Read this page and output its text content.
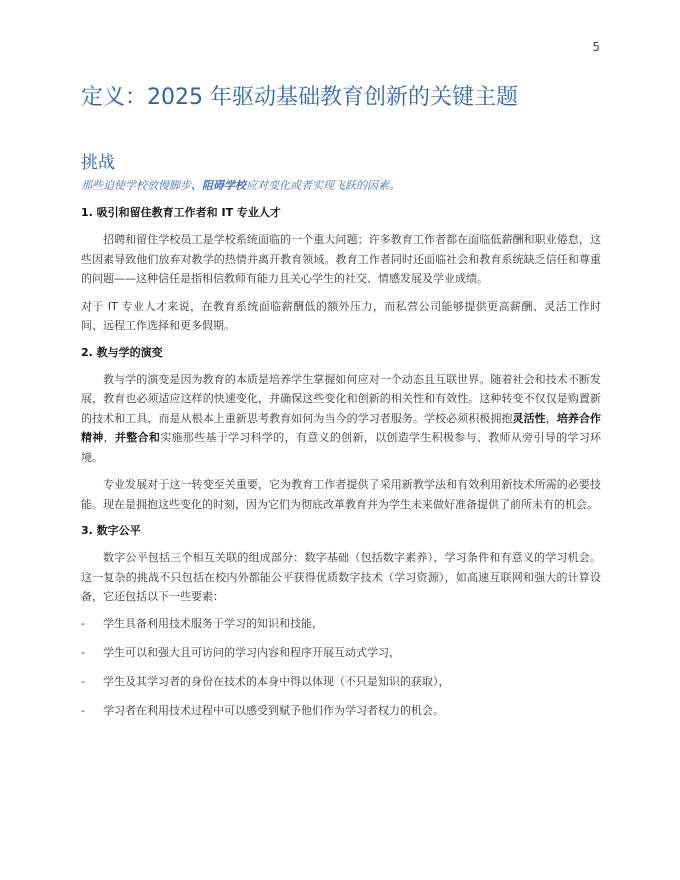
5
定义：2025 年驱动基础教育创新的关键主题
挑战

那些迫使学校放慢脚步、阻碍学校应对变化或者实现飞跃的因素。

1. 吸引和留住教育工作者和 IT 专业人才

招聘和留住学校员工是学校系统面临的一个重大问题；许多教育工作者都在面临低薪酬和职业倦怠，这些因素导致他们放弃对教学的热情并离开教育领域。教育工作者同时还面临社会和教育系统缺乏信任和尊重的问题——这种信任是指相信教师有能力且关心学生的社交、情感发展及学业成绩。

对于 IT 专业人才来说，在教育系统面临薪酬低的额外压力，而私营公司能够提供更高薪酬、灵活工作时间、远程工作选择和更多假期。

2. 教与学的演变

教与学的演变是因为教育的本质是培养学生掌握如何应对一个动态且互联世界。随着社会和技术不断发展，教育也必须适应这样的快速变化，并确保这些变化和创新的相关性和有效性。这种转变不仅仅是购置新的技术和工具，而是从根本上重新思考教育如何为当今的学习者服务。学校必须积极拥抱灵活性，培养合作精神，并整合和实施那些基于学习科学的，有意义的创新，以创造学生积极参与、教师从旁引导的学习环境。

专业发展对于这一转变至关重要，它为教育工作者提供了采用新教学法和有效利用新技术所需的必要技能。现在是拥抱这些变化的时刻，因为它们为彻底改革教育并为学生未来做好准备提供了前所未有的机会。

3. 数字公平

数字公平包括三个相互关联的组成部分：数字基础（包括数字素养）、学习条件和有意义的学习机会。这一复杂的挑战不只包括在校内外都能公平获得优质数字技术（学习资源），如高速互联网和强大的计算设备，它还包括以下一些要素：

- 学生具备利用技术服务于学习的知识和技能，
- 学生可以和强大且可访问的学习内容和程序开展互动式学习，
- 学生及其学习者的身份在技术的本身中得以体现（不只是知识的获取），
- 学习者在利用技术过程中可以感受到赋予他们作为学习者权力的机会。
